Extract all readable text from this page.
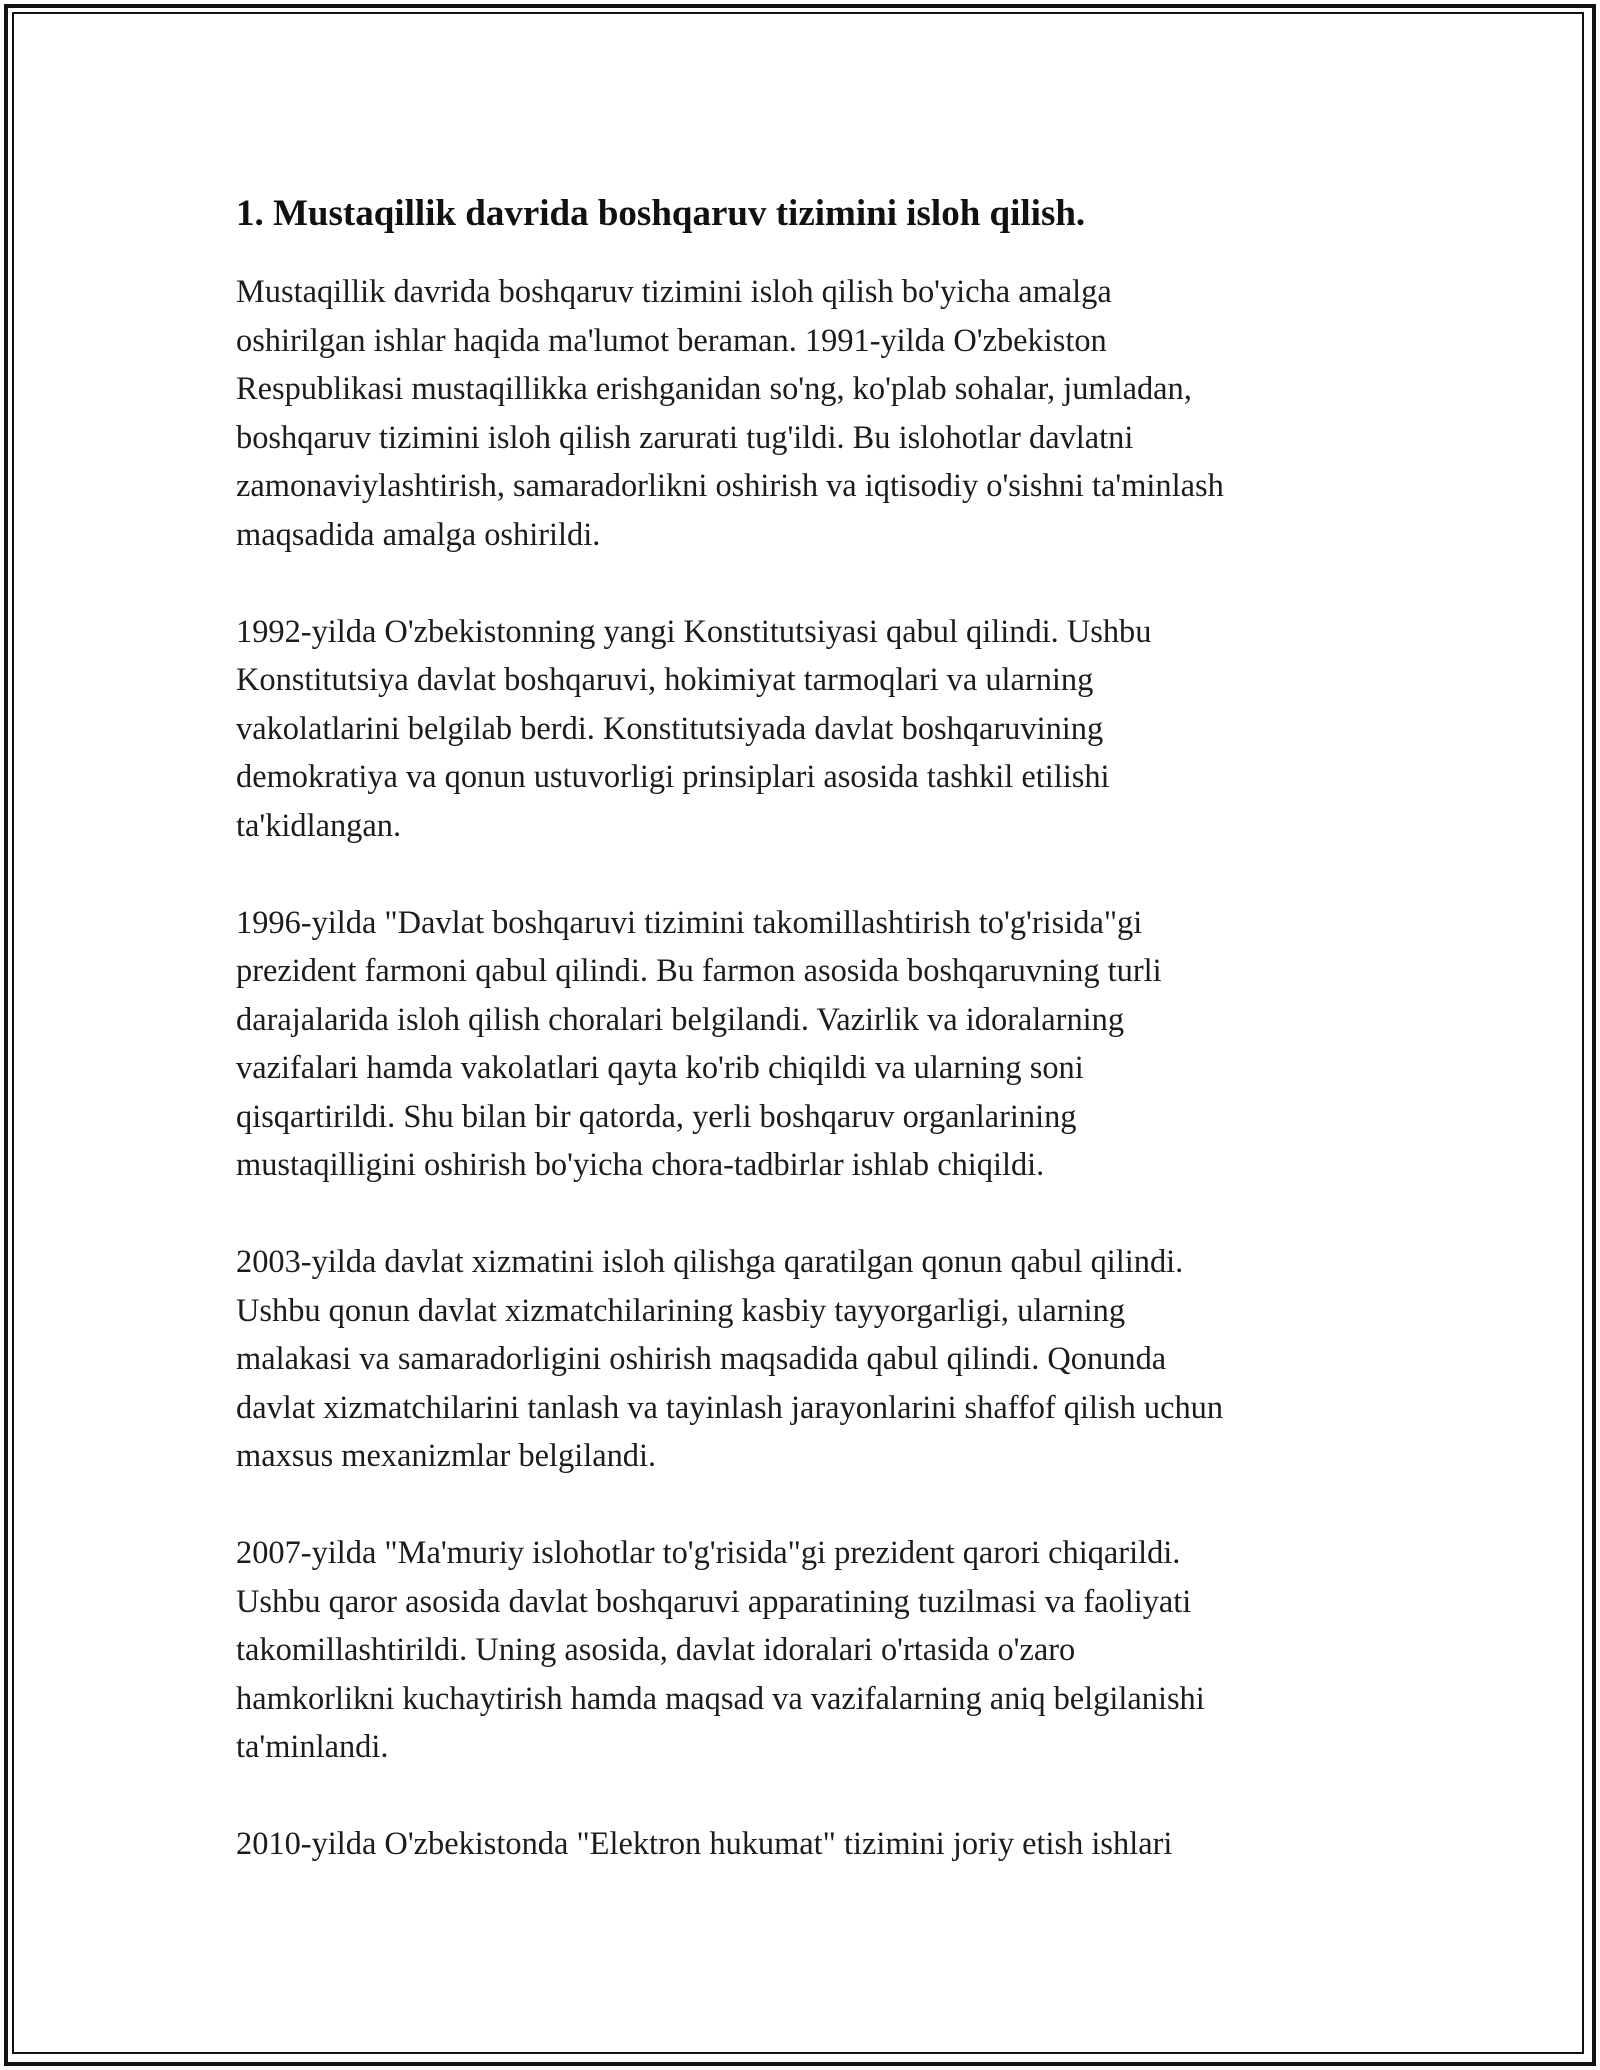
1. Mustaqillik davrida boshqaruv tizimini isloh qilish.

Mustaqillik davrida boshqaruv tizimini isloh qilish bo'yicha amalga
oshirilgan ishlar haqida ma'lumot beraman. 1991-yilda O'zbekiston
Respublikasi mustaqillikka erishganidan so'ng, ko'plab sohalar, jumladan,
boshqaruv tizimini isloh qilish zarurati tug'ildi. Bu islohotlar davlatni
zamonaviylashtirish, samaradorlikni oshirish va iqtisodiy o'sishni ta'minlash
maqsadida amalga oshirildi.

1992-yilda O'zbekistonning yangi Konstitutsiyasi qabul qilindi. Ushbu
Konstitutsiya davlat boshqaruvi, hokimiyat tarmoqlari va ularning
vakolatlarini belgilab berdi. Konstitutsiyada davlat boshqaruvining
demokratiya va qonun ustuvorligi prinsiplari asosida tashkil etilishi
ta'kidlangan.

1996-yilda "Davlat boshqaruvi tizimini takomillashtirish to'g'risida"gi
prezident farmoni qabul qilindi. Bu farmon asosida boshqaruvning turli
darajalarida isloh qilish choralari belgilandi. Vazirlik va idoralarning
vazifalari hamda vakolatlari qayta ko'rib chiqildi va ularning soni
qisqartirildi. Shu bilan bir qatorda, yerli boshqaruv organlarining
mustaqilligini oshirish bo'yicha chora-tadbirlar ishlab chiqildi.

2003-yilda davlat xizmatini isloh qilishga qaratilgan qonun qabul qilindi.
Ushbu qonun davlat xizmatchilarining kasbiy tayyorgarligi, ularning
malakasi va samaradorligini oshirish maqsadida qabul qilindi. Qonunda
davlat xizmatchilarini tanlash va tayinlash jarayonlarini shaffof qilish uchun
maxsus mexanizmlar belgilandi.

2007-yilda "Ma'muriy islohotlar to'g'risida"gi prezident qarori chiqarildi.
Ushbu qaror asosida davlat boshqaruvi apparatining tuzilmasi va faoliyati
takomillashtirildi. Uning asosida, davlat idoralari o'rtasida o'zaro
hamkorlikni kuchaytirish hamda maqsad va vazifalarning aniq belgilanishi
ta'minlandi.

2010-yilda O'zbekistonda "Elektron hukumat" tizimini joriy etish ishlari
